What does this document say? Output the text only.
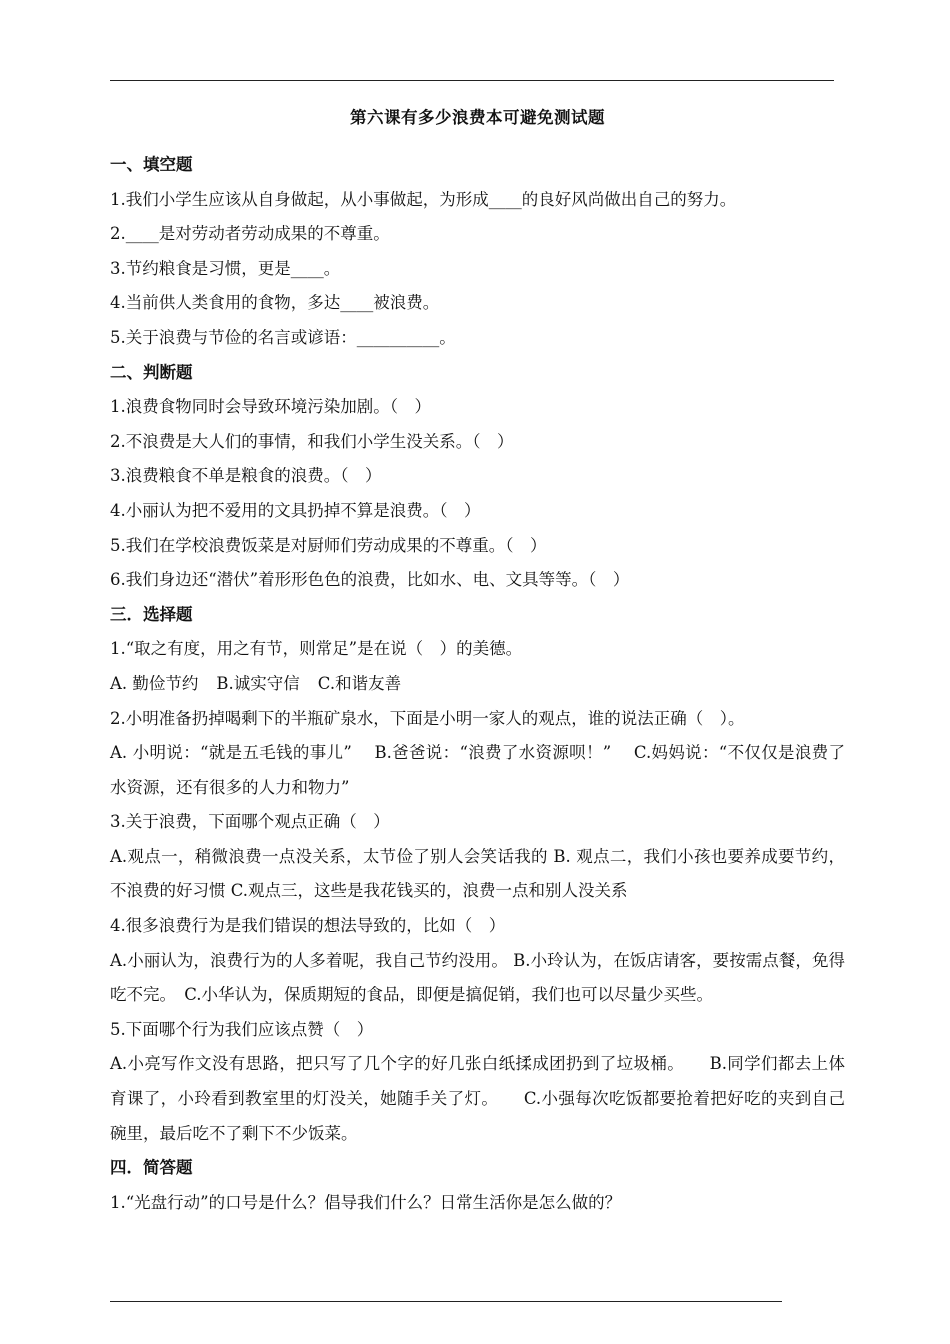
第六课有多少浪费本可避免测试题
一、填空题
1.我们小学生应该从自身做起，从小事做起，为形成____的良好风尚做出自己的努力。
2.____是对劳动者劳动成果的不尊重。
3.节约粮食是习惯，更是____。
4.当前供人类食用的食物，多达____被浪费。
5.关于浪费与节俭的名言或谚语：__________。
二、判断题
1.浪费食物同时会导致环境污染加剧。（　）
2.不浪费是大人们的事情，和我们小学生没关系。（　）
3.浪费粮食不单是粮食的浪费。（　）
4.小丽认为把不爱用的文具扔掉不算是浪费。（　）
5.我们在学校浪费饭菜是对厨师们劳动成果的不尊重。（　）
6.我们身边还“潜伏”着形形色色的浪费，比如水、电、文具等等。（　）
三．选择题
1.“取之有度，用之有节，则常足”是在说（　）的美德。
A. 勤俭节约 B.诚实守信 C.和谐友善
2.小明准备扔掉喝剩下的半瓶矿泉水，下面是小明一家人的观点，谁的说法正确（　）。
A. 小明说：“就是五毛钱的事儿”　 B.爸爸说：“浪费了水资源呗！”　 C.妈妈说：“不仅仅是浪费了水资源，还有很多的人力和物力”
3.关于浪费，下面哪个观点正确（　）
A.观点一，稍微浪费一点没关系，太节俭了别人会笑话我的 B. 观点二，我们小孩也要养成要节约，不浪费的好习惯 C.观点三，这些是我花钱买的，浪费一点和别人没关系
4.很多浪费行为是我们错误的想法导致的，比如（　）
A.小丽认为，浪费行为的人多着呢，我自己节约没用。 B.小玲认为，在饭店请客，要按需点餐，免得吃不完。　C.小华认为，保质期短的食品，即便是搞促销，我们也可以尽量少买些。
5.下面哪个行为我们应该点赞（　）
A.小亮写作文没有思路，把只写了几个字的好几张白纸揉成团扔到了垃圾桶。　　B.同学们都去上体育课了，小玲看到教室里的灯没关，她随手关了灯。　　C.小强每次吃饭都要抢着把好吃的夹到自己碗里，最后吃不了剩下不少饭菜。
四．简答题
1.“光盘行动”的口号是什么？倡导我们什么？日常生活你是怎么做的？
